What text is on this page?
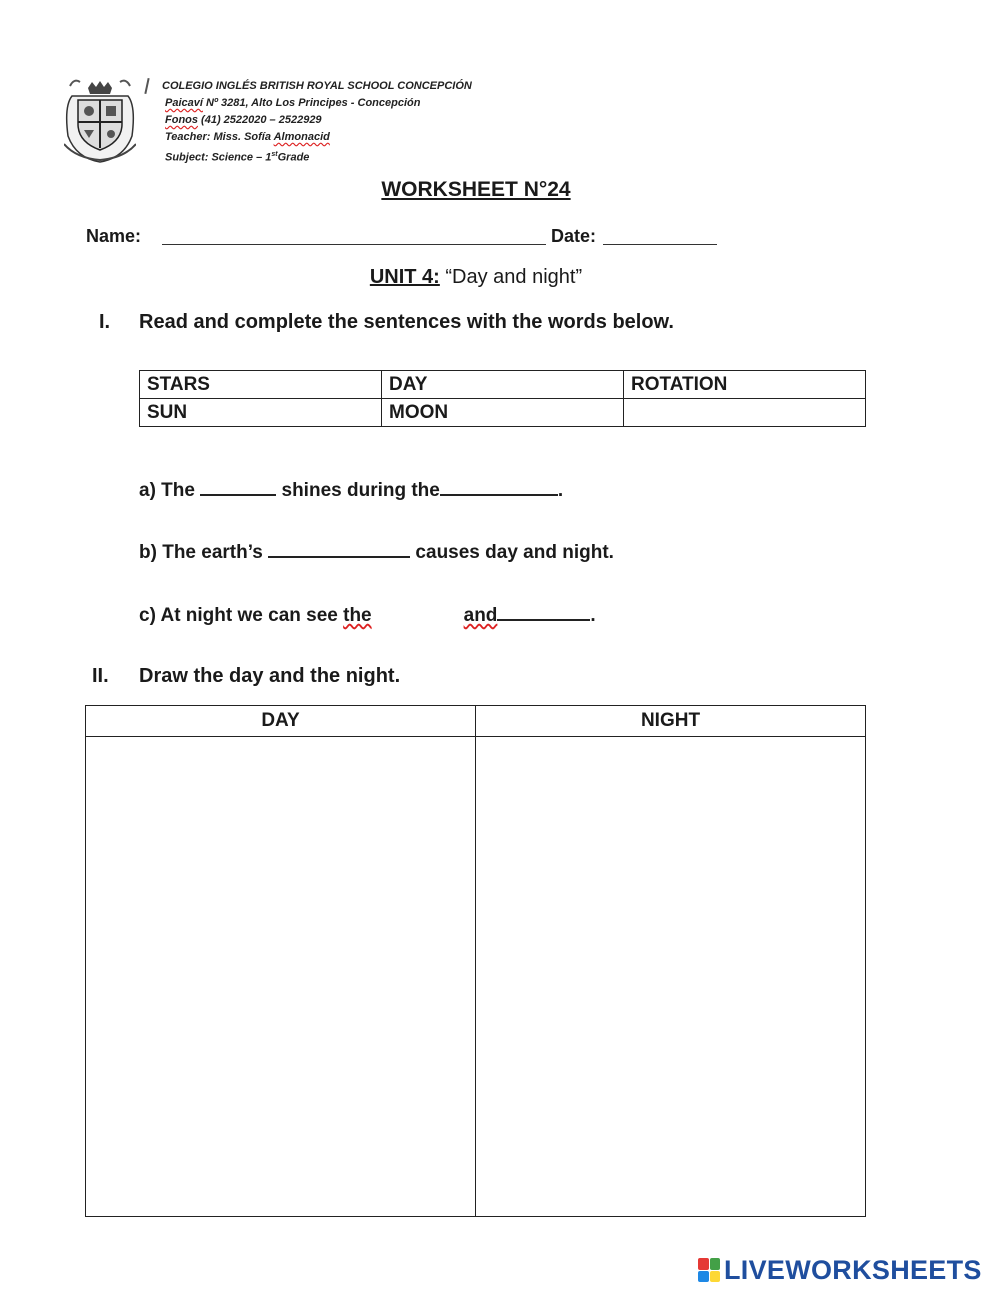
COLEGIO INGLÉS BRITISH ROYAL SCHOOL CONCEPCIÓN
Paicaví Nº 3281, Alto Los Principes - Concepción
Fonos (41) 2522020 – 2522929
Teacher: Miss. Sofía Almonacid
Subject: Science – 1stGrade
WORKSHEET N°24
Name:	Date:
UNIT 4: “Day and night”
I. Read and complete the sentences with the words below.
STARS	DAY	ROTATION
SUN	MOON	
a) The	shines during the	.
b) The earth’s	causes day and night.
c) At night we can see the	and	.
II. Draw the day and the night.
DAY	NIGHT

LIVEWORKSHEETS
